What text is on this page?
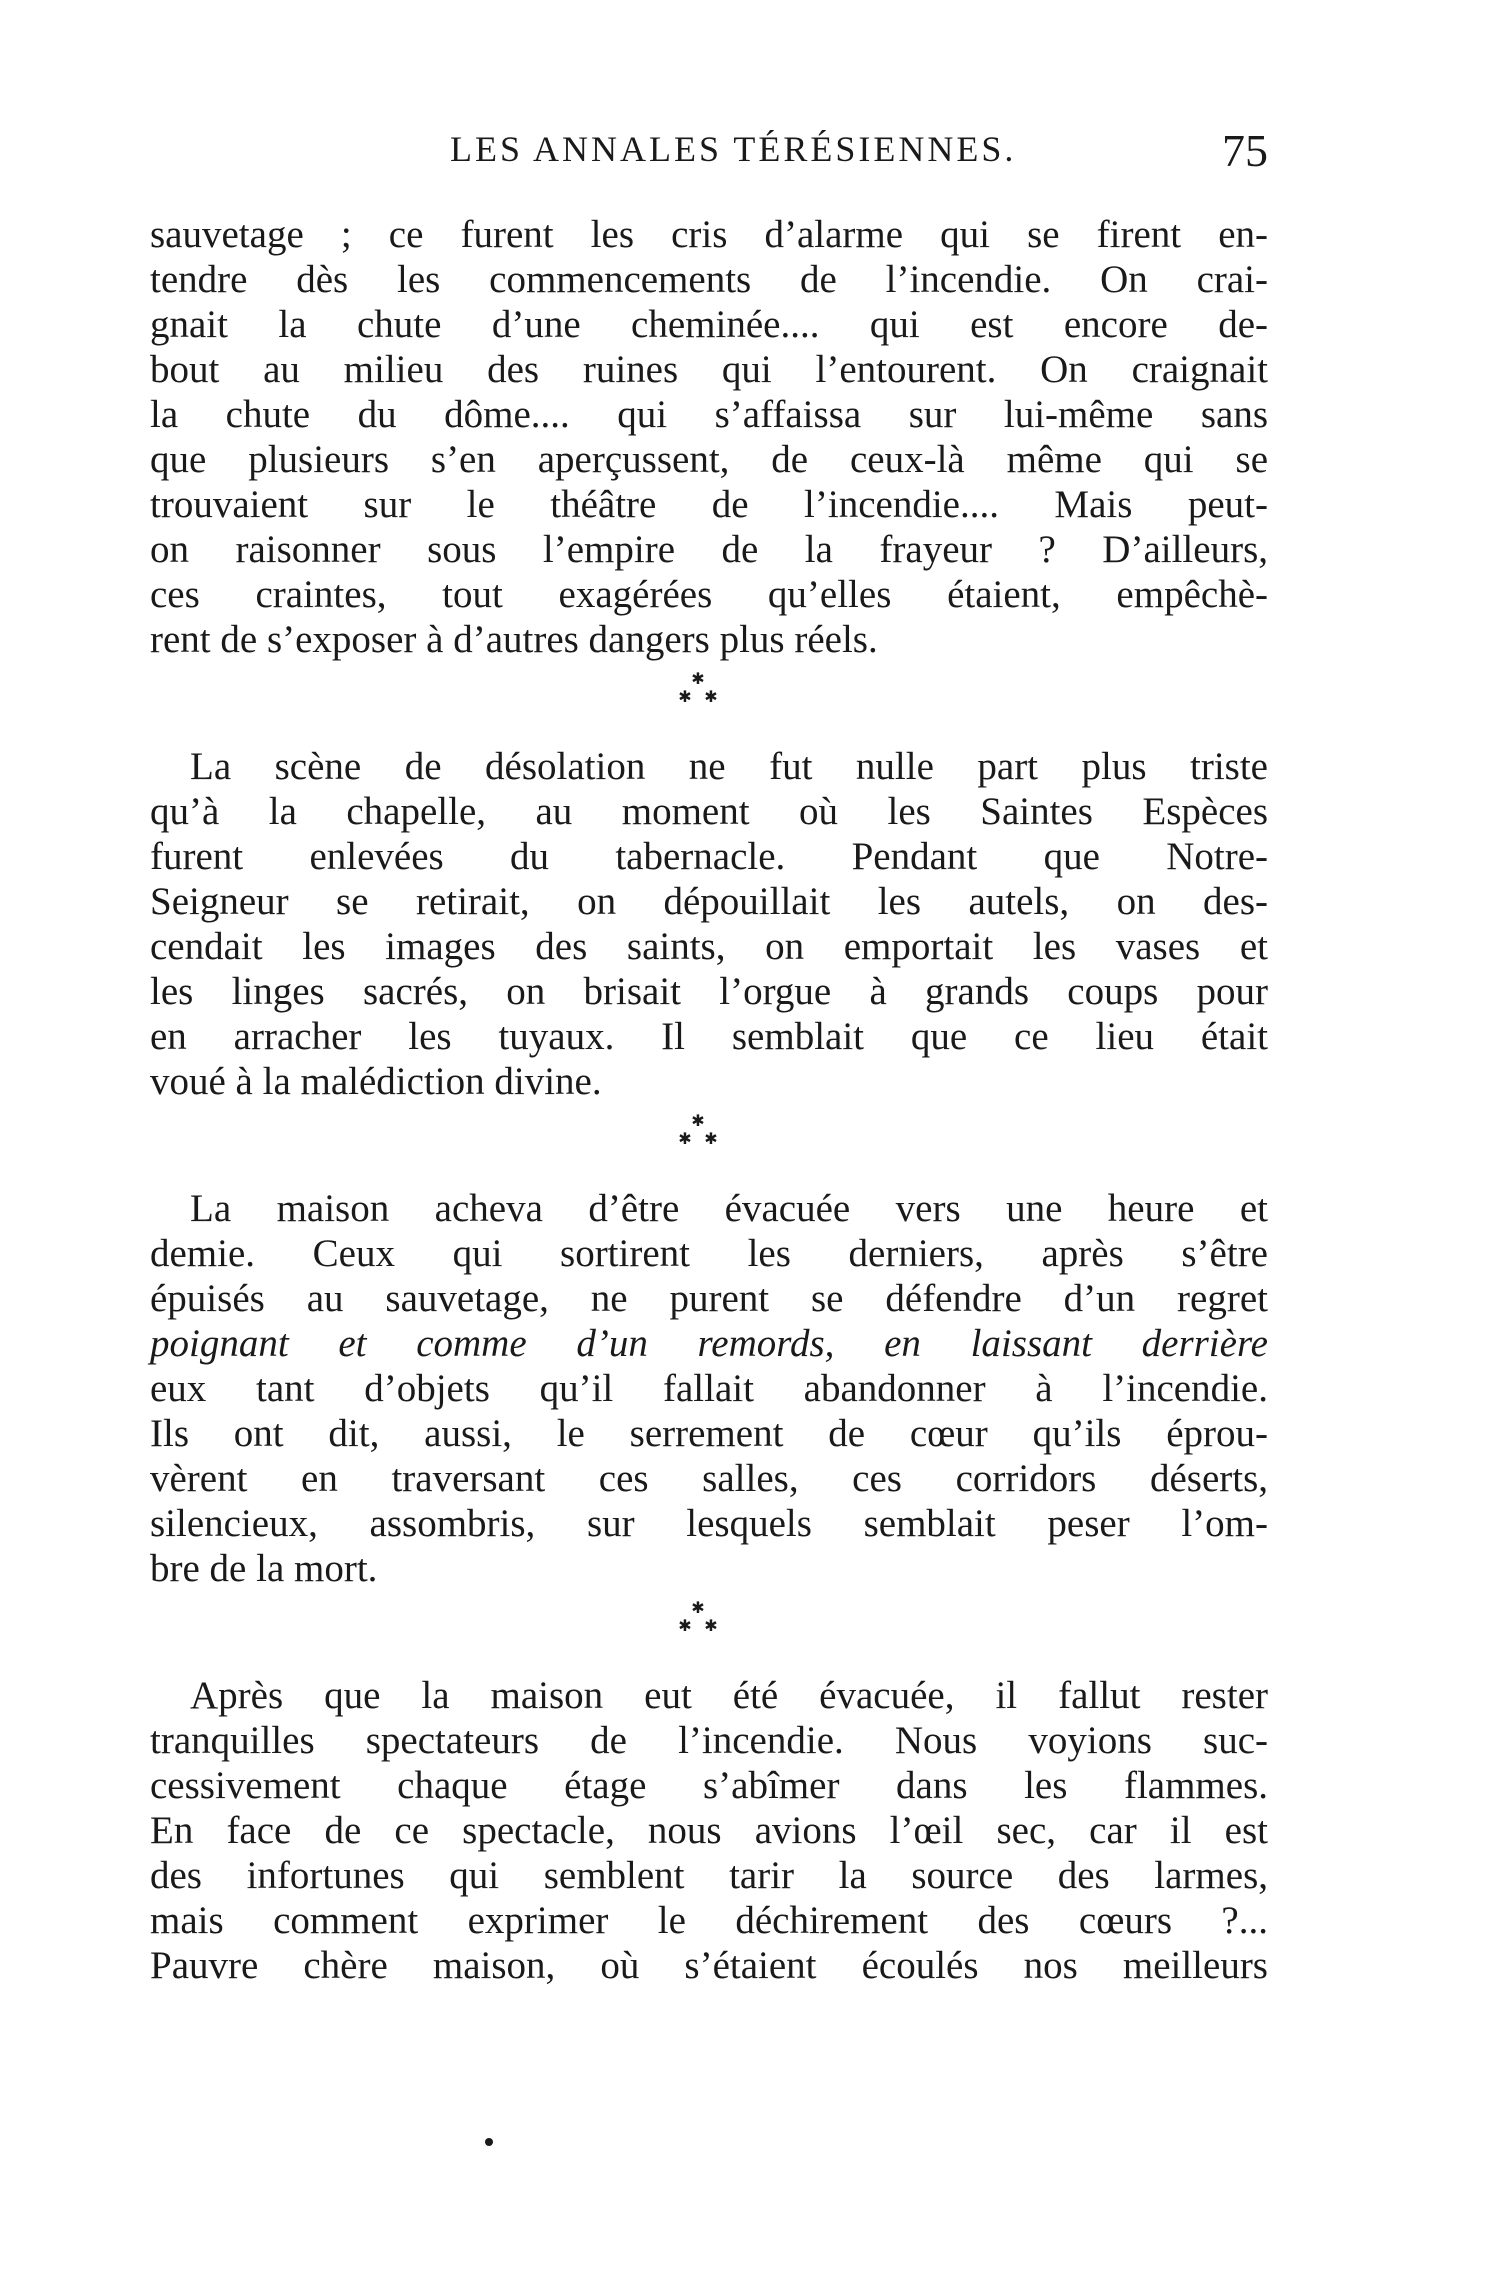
LES ANNALES TÉRÉSIENNES.	75
sauvetage ; ce furent les cris d’alarme qui se firent en-
tendre dès les commencements de l’incendie. On crai-
gnait la chute d’une cheminée.... qui est encore de-
bout au milieu des ruines qui l’entourent. On craignait
la chute du dôme.... qui s’affaissa sur lui-même sans
que plusieurs s’en aperçussent, de ceux-là même qui se
trouvaient sur le théâtre de l’incendie.... Mais peut-
on raisonner sous l’empire de la frayeur ? D’ailleurs,
ces craintes, tout exagérées qu’elles étaient, empêchè-
rent de s’exposer à d’autres dangers plus réels.
✱
✱ ✱
La scène de désolation ne fut nulle part plus triste
qu’à la chapelle, au moment où les Saintes Espèces
furent enlevées du tabernacle. Pendant que Notre-
Seigneur se retirait, on dépouillait les autels, on des-
cendait les images des saints, on emportait les vases et
les linges sacrés, on brisait l’orgue à grands coups pour
en arracher les tuyaux. Il semblait que ce lieu était
voué à la malédiction divine.
✱
✱ ✱
La maison acheva d’être évacuée vers une heure et
demie. Ceux qui sortirent les derniers, après s’être
épuisés au sauvetage, ne purent se défendre d’un regret
poignant et comme d’un remords, en laissant derrière
eux tant d’objets qu’il fallait abandonner à l’incendie.
Ils ont dit, aussi, le serrement de cœur qu’ils éprou-
vèrent en traversant ces salles, ces corridors déserts,
silencieux, assombris, sur lesquels semblait peser l’om-
bre de la mort.
✱
✱ ✱
Après que la maison eut été évacuée, il fallut rester
tranquilles spectateurs de l’incendie. Nous voyions suc-
cessivement chaque étage s’abîmer dans les flammes.
En face de ce spectacle, nous avions l’œil sec, car il est
des infortunes qui semblent tarir la source des larmes,
mais comment exprimer le déchirement des cœurs ?...
Pauvre chère maison, où s’étaient écoulés nos meilleurs
